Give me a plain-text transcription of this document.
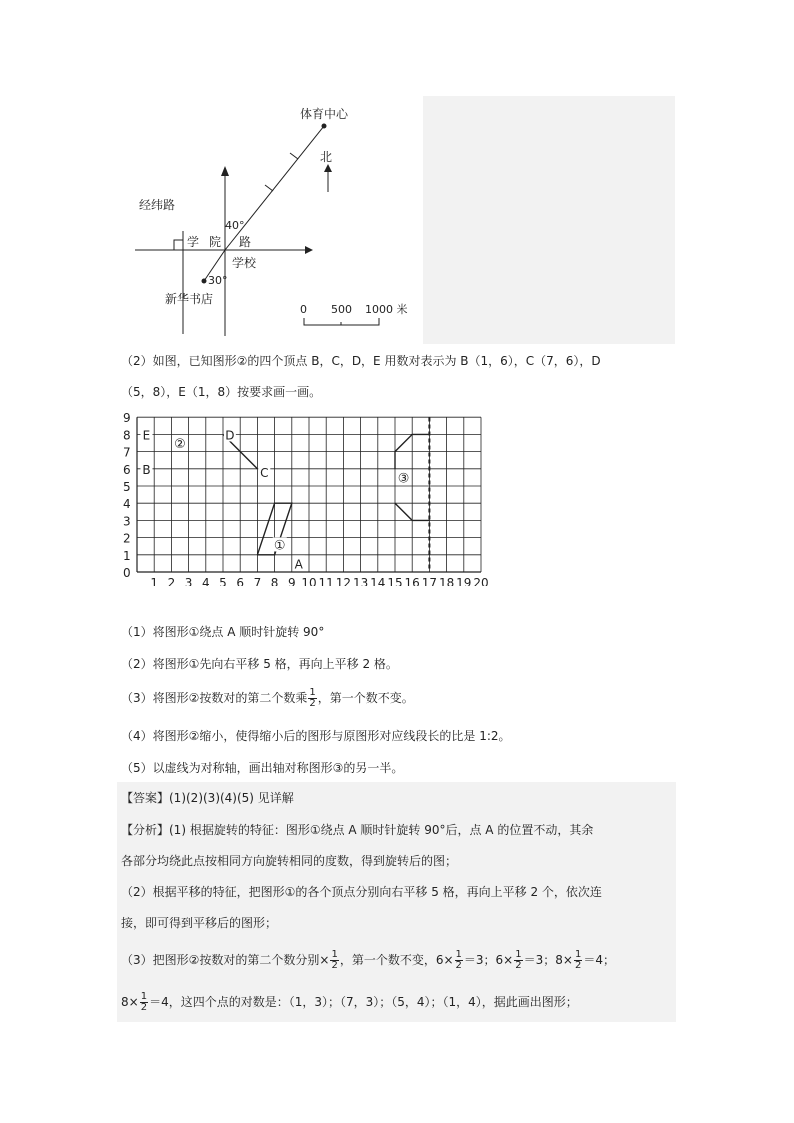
体育中心
北
经纬路
40°
学 院 路
学校
30°
新华书店
0 500 1000 米
（2）如图，已知图形②的四个顶点 B，C，D，E 用数对表示为 B（1，6），C（7，6），D
（5，8），E（1，8）按要求画一画。
0
1
2
3
4
5
6
7
8
9
1 2 3 4 5 6 7 8 9 10 11 12 13 14 15 16 17 18 19 20
E
B
D
C
A
①
②
③
（1）将图形①绕点 A 顺时针旋转 90°
（2）将图形①先向右平移 5 格，再向上平移 2 格。
（3）将图形②按数对的第二个数乘 $\frac{1}{2}$ ，第一个数不变。
（4）将图形②缩小，使得缩小后的图形与原图形对应线段长的比是 1:2。
（5）以虚线为对称轴，画出轴对称图形③的另一半。
【答案】(1)(2)(3)(4)(5) 见详解
【分析】(1) 根据旋转的特征：图形①绕点 A 顺时针旋转 90°后，点 A 的位置不动，其余
各部分均绕此点按相同方向旋转相同的度数，得到旋转后的图；
（2）根据平移的特征，把图形①的各个顶点分别向右平移 5 格，再向上平移 2 个，依次连
接，即可得到平移后的图形；
（3）把图形②按数对的第二个数分别× $\frac{1}{2}$ ，第一个数不变，$6\times \frac{1}{2} =3$；$6\times \frac{1}{2} =3$；$8\times \frac{1}{2} =4$；
$8\times \frac{1}{2} =4$，这四个点的对数是：（1，3）；（7，3）；（5，4）；（1，4），据此画出图形；
